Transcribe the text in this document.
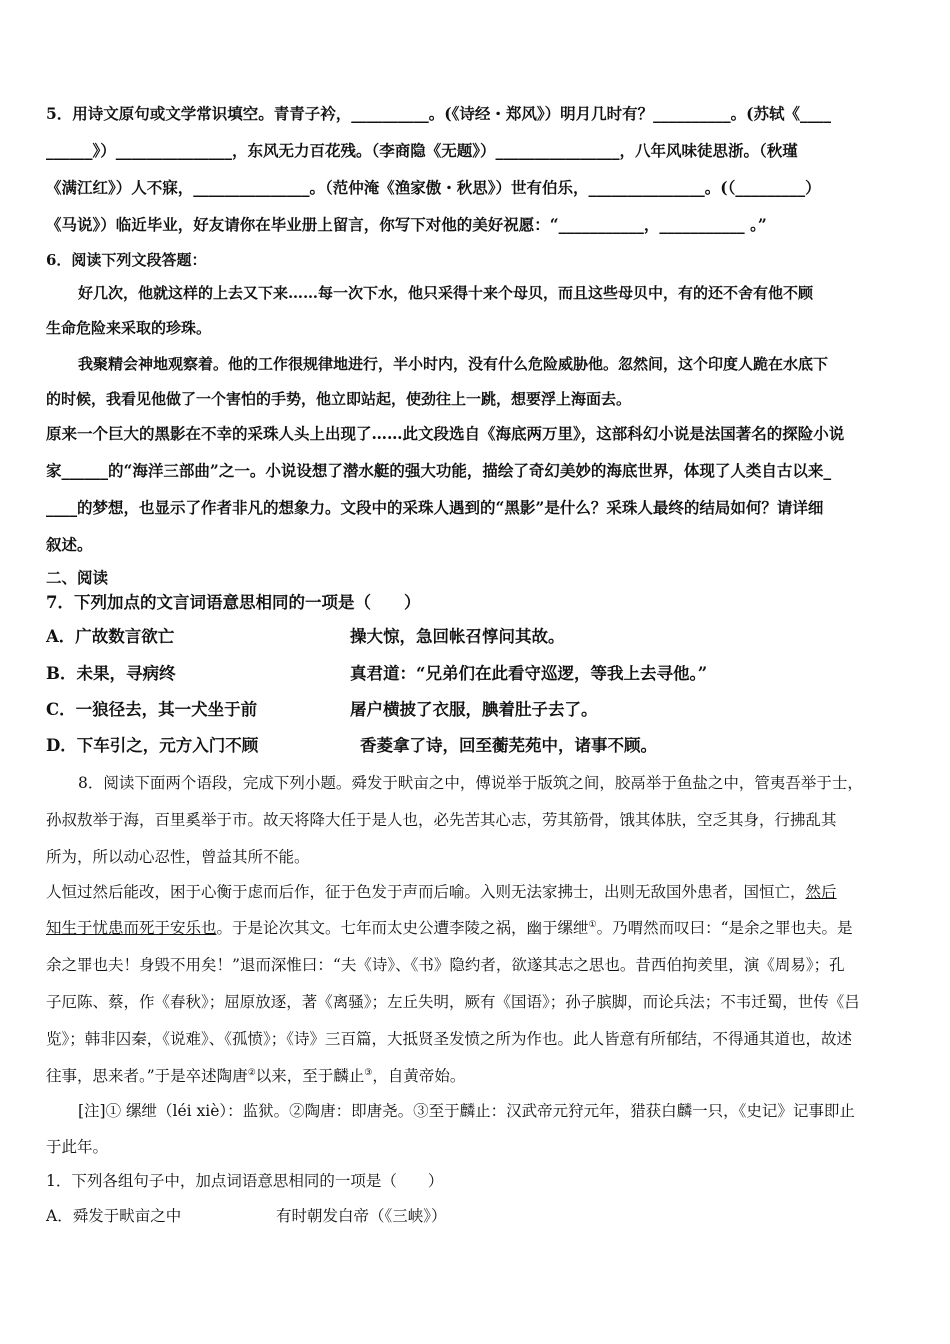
5．用诗文原句或文学常识填空。青青子衿，__________。(《诗经・郑风》）明月几时有？__________。(苏轼《____
______》）_______________，东风无力百花残。（李商隐《无题》）________________，八年风味徒思浙。（秋瑾
《满江红》）人不寐，_______________。（范仲淹《渔家傲・秋思》）世有伯乐，_______________。(（_________）
《马说》）临近毕业，好友请你在毕业册上留言，你写下对他的美好祝愿：“___________，___________ 。”
6．阅读下列文段答题：
好几次，他就这样的上去又下来……每一次下水，他只采得十来个母贝，而且这些母贝中，有的还不舍有他不顾
生命危险来采取的珍珠。
我聚精会神地观察着。他的工作很规律地进行，半小时内，没有什么危险威胁他。忽然间，这个印度人跪在水底下
的时候，我看见他做了一个害怕的手势，他立即站起，使劲往上一跳，想要浮上海面去。
原来一个巨大的黑影在不幸的采珠人头上出现了……此文段选自《海底两万里》，这部科幻小说是法国著名的探险小说
家______的“海洋三部曲”之一。小说设想了潜水艇的强大功能，描绘了奇幻美妙的海底世界，体现了人类自古以来_
____的梦想，也显示了作者非凡的想象力。文段中的采珠人遇到的“黑影”是什么？采珠人最终的结局如何？请详细
叙述。
二、阅读
7．下列加点的文言词语意思相同的一项是（　　）
A．广故数言欲亡	操大惊，急回帐召惇问其故。
B．未果，寻病终	真君道：“兄弟们在此看守巡逻，等我上去寻他。”
C．一狼径去，其一犬坐于前	屠户横披了衣服，腆着肚子去了。
D．下车引之，元方入门不顾	香菱拿了诗，回至蘅芜苑中，诸事不顾。
8．阅读下面两个语段，完成下列小题。舜发于畎亩之中，傅说举于版筑之间，胶鬲举于鱼盐之中，管夷吾举于士，
孙叔敖举于海，百里奚举于市。故天将降大任于是人也，必先苦其心志，劳其筋骨，饿其体肤，空乏其身，行拂乱其
所为，所以动心忍性，曾益其所不能。
人恒过然后能改，困于心衡于虑而后作，征于色发于声而后喻。入则无法家拂士，出则无敌国外患者，国恒亡，然后
知生于忧患而死于安乐也。于是论次其文。七年而太史公遭李陵之祸，幽于缧绁①。乃喟然而叹曰：“是余之罪也夫。是
余之罪也夫！身毁不用矣！”退而深惟曰：“夫《诗》、《书》隐约者，欲遂其志之思也。昔西伯拘羑里，演《周易》；孔
子厄陈、蔡，作《春秋》；屈原放逐，著《离骚》；左丘失明，厥有《国语》；孙子膑脚，而论兵法；不韦迁蜀，世传《吕
览》；韩非囚秦，《说难》、《孤愤》；《诗》三百篇，大抵贤圣发愤之所为作也。此人皆意有所郁结，不得通其道也，故述
往事，思来者。”于是卒述陶唐②以来，至于麟止③，自黄帝始。
[注]① 缧绁（léi xiè）：监狱。②陶唐：即唐尧。③至于麟止：汉武帝元狩元年，猎获白麟一只，《史记》记事即止
于此年。
1．下列各组句子中，加点词语意思相同的一项是（　　）
A．舜发于畎亩之中	有时朝发白帝（《三峡》）
